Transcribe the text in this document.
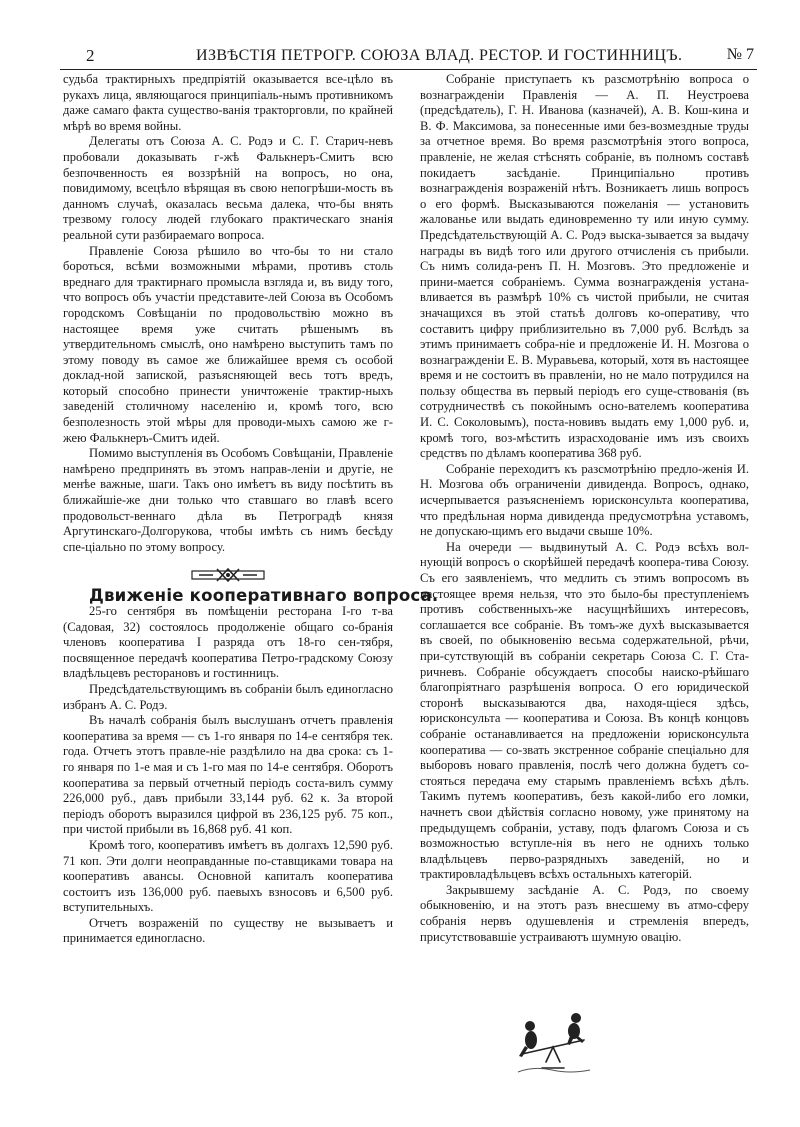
2	ИЗВѢСТІЯ ПЕТРОГР. СОЮЗА ВЛАД. РЕСТОР. И ГОСТИННИЦЪ.	№ 7

судьба трактирныхъ предпріятій оказывается все-цѣло въ рукахъ лица, являющагося принципіаль-нымъ противникомъ даже самаго факта существо-ванія тракторговли, по крайней мѣрѣ во время войны.

Делегаты отъ Союза А. С. Родэ и С. Г. Старич-невъ пробовали доказывать г-жѣ Фалькнеръ-Смитъ всю безпочвенность ея воззрѣній на вопросъ, но она, повидимому, всецѣло вѣрящая въ свою непогрѣши-мость въ данномъ случаѣ, оказалась весьма далека, что-бы внять трезвому голосу людей глубокаго практическаго знанія реальной сути разбираемаго вопроса.

Правленіе Союза рѣшило во что-бы то ни стало бороться, всѣми возможными мѣрами, противъ столь вреднаго для трактирнаго промысла взгляда и, въ виду того, что вопросъ объ участіи представите-лей Союза въ Особомъ городскомъ Совѣщаніи по продовольствію можно въ настоящее время уже считать рѣшенымъ въ утвердительномъ смыслѣ, оно намѣрено выступить тамъ по этому поводу въ самое же ближайшее время съ особой доклад-ной запиской, разъясняющей весь тотъ вредъ, который способно принести уничтоженіе трактир-ныхъ заведеній столичному населенію и, кромѣ того, всю безполезность этой мѣры для проводи-мыхъ самою же г-жею Фалькнеръ-Смитъ идей.

Помимо выступленія въ Особомъ Совѣщаніи, Правленіе намѣрено предпринять въ этомъ направ-леніи и другіе, не менѣе важные, шаги. Такъ оно имѣетъ въ виду посѣтить въ ближайшіе-же дни только что ставшаго во главѣ всего продовольст-веннаго дѣла въ Петроградѣ князя Аргутинскаго-Долгорукова, чтобы имѣть съ нимъ бесѣду спе-ціально по этому вопросу.

Движеніе кооперативнаго вопроса.

25-го сентября въ помѣщеніи ресторана І-го т-ва (Садовая, 32) состоялось продолженіе общаго со-бранія членовъ кооператива І разряда отъ 18-го сен-тября, посвященное передачѣ кооператива Петро-градскому Союзу владѣльцевъ ресторановъ и гостинницъ.

Предсѣдательствующимъ въ собраніи былъ единогласно избранъ А. С. Родэ.

Въ началѣ собранія былъ выслушанъ отчетъ правленія кооператива за время — съ 1-го января по 14-е сентября тек. года. Отчетъ этотъ правле-ніе раздѣлило на два срока: съ 1-го января по 1-е мая и съ 1-го мая по 14-е сентября. Оборотъ кооператива за первый отчетный періодъ соста-вилъ сумму 226,000 руб., давъ прибыли 33,144 руб. 62 к. За второй періодъ оборотъ выразился цифрой въ 236,125 руб. 75 коп., при чистой прибыли въ 16,868 руб. 41 коп.

Кромѣ того, кооперативъ имѣетъ въ долгахъ 12,590 руб. 71 коп. Эти долги неоправданные по-ставщиками товара на кооперативъ авансы. Основной капиталъ кооператива состоитъ изъ 136,000 руб. паевыхъ взносовъ и 6,500 руб. вступительныхъ.

Отчетъ возраженій по существу не вызываетъ и принимается единогласно.

Собраніе приступаетъ къ разсмотрѣнію вопроса о вознагражденіи Правленія — А. П. Неустроева (предсѣдатель), Г. Н. Иванова (казначей), А. В. Кош-кина и В. Ф. Максимова, за понесенные ими без-возмездные труды за отчетное время. Во время разсмотрѣнія этого вопроса, правленіе, не желая стѣснять собраніе, въ полномъ составѣ покидаетъ засѣданіе. Принципіально противъ вознагражденія возраженій нѣтъ. Возникаетъ лишь вопросъ о его формѣ. Высказываются пожеланія — установить жалованье или выдать единовременно ту или иную сумму. Предсѣдательствующій А. С. Родэ выска-зывается за выдачу награды въ видѣ того или другого отчисленія съ прибыли. Съ нимъ солида-ренъ П. Н. Мозговъ. Это предложеніе и прини-мается собраніемъ. Сумма вознагражденія устана-вливается въ размѣрѣ 10% съ чистой прибыли, не считая значащихся въ этой статьѣ долговъ ко-оперативу, что составитъ цифру приблизительно въ 7,000 руб. Вслѣдъ за этимъ принимаетъ собра-ніе и предложеніе И. Н. Мозгова о вознагражденіи Е. В. Муравьева, который, хотя въ настоящее время и не состоитъ въ правленіи, но не мало потрудился на пользу общества въ первый періодъ его суще-ствованія (въ сотрудничествѣ съ покойнымъ осно-вателемъ кооператива И. С. Соколовымъ), поста-новивъ выдать ему 1,000 руб. и, кромѣ того, воз-мѣстить израсходованіе имъ изъ своихъ средствъ по дѣламъ кооператива 368 руб.

Собраніе переходитъ къ разсмотрѣнію предло-женія И. Н. Мозгова объ ограниченіи дивиденда. Вопросъ, однако, исчерпывается разъясненіемъ юрисконсульта кооператива, что предѣльная норма дивиденда предусмотрѣна уставомъ, не допускаю-щимъ его выдачи свыше 10%.

На очереди — выдвинутый А. С. Родэ всѣхъ вол-нующій вопросъ о скорѣйшей передачѣ коопера-тива Союзу. Съ его заявленіемъ, что медлить съ этимъ вопросомъ въ настоящее время нельзя, что это было-бы преступленіемъ противъ собственныхъ-же насущнѣйшихъ интересовъ, соглашается все собраніе. Въ томъ-же духѣ высказывается въ своей, по обыкновенію весьма содержательной, рѣчи, при-сутствующій въ собраніи секретарь Союза С. Г. Ста-ричневъ. Собраніе обсуждаетъ способы наиско-рѣйшаго благопріятнаго разрѣшенія вопроса. О его юридической сторонѣ высказываются два, находя-щіеся здѣсь, юрисконсульта — кооператива и Союза. Въ концѣ концовъ собраніе останавливается на предложеніи юрисконсульта кооператива — со-звать экстренное собраніе спеціально для выборовъ новаго правленія, послѣ чего должна будетъ со-стояться передача ему старымъ правленіемъ всѣхъ дѣлъ. Такимъ путемъ кооперативъ, безъ какой-либо его ломки, начнетъ свои дѣйствія согласно новому, уже принятому на предыдущемъ собраніи, уставу, подъ флагомъ Союза и съ возможностью вступле-нія въ него не однихъ только владѣльцевъ перво-разрядныхъ заведеній, но и трактировладѣльцевъ всѣхъ остальныхъ категорій.

Закрывшему засѣданіе А. С. Родэ, по своему обыкновенію, и на этотъ разъ внесшему въ атмо-сферу собранія нервъ одушевленія и стремленія впередъ, присутствовавшіе устраиваютъ шумную овацію.
